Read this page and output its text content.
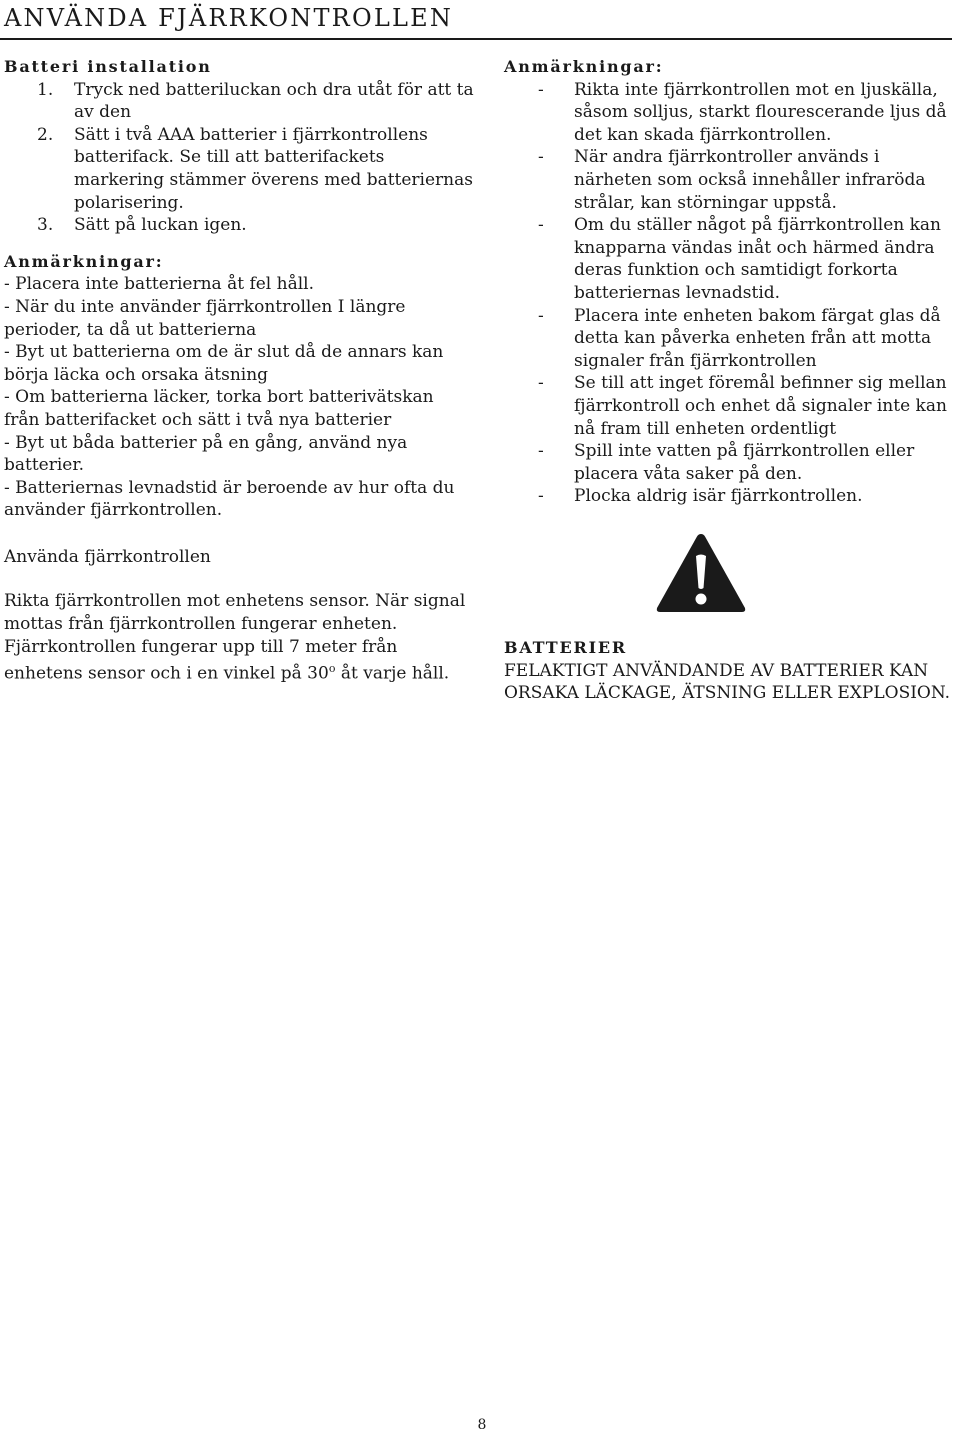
ANVÄNDA FJÄRRKONTROLLEN
Batteri installation
1. Tryck ned batteriluckan och dra utåt för att ta av den
2. Sätt i två AAA batterier i fjärrkontrollens batterifack. Se till att batterifackets markering stämmer överens med batteriernas polarisering.
3. Sätt på luckan igen.
Anmärkningar:

- Placera inte batterierna åt fel håll.

- När du inte använder fjärrkontrollen I längre perioder, ta då ut batterierna

- Byt ut batterierna om de är slut då de annars kan börja läcka och orsaka ätsning

- Om batterierna läcker, torka bort batterivätskan från batterifacket och sätt i två nya batterier

- Byt ut båda batterier på en gång, använd nya batterier.

- Batteriernas levnadstid är beroende av hur ofta du använder fjärrkontrollen.

Använda fjärrkontrollen

Rikta fjärrkontrollen mot enhetens sensor. När signal mottas från fjärrkontrollen fungerar enheten. Fjärrkontrollen fungerar upp till 7 meter från enhetens sensor och i en vinkel på 30$^o$ åt varje håll.

Anmärkningar:
- Rikta inte fjärrkontrollen mot en ljuskälla, såsom solljus, starkt flourescerande ljus då det kan skada fjärrkontrollen.
- När andra fjärrkontroller används i närheten som också innehåller infraröda strålar, kan störningar uppstå.
- Om du ställer något på fjärrkontrollen kan knapparna vändas inåt och härmed ändra deras funktion och samtidigt forkorta batteriernas levnadstid.
- Placera inte enheten bakom färgat glas då detta kan påverka enheten från att motta signaler från fjärrkontrollen
- Se till att inget föremål befinner sig mellan fjärrkontroll och enhet då signaler inte kan nå fram till enheten ordentligt
- Spill inte vatten på fjärrkontrollen eller placera våta saker på den.
- Plocka aldrig isär fjärrkontrollen.
BATTERIER

FELAKTIGT ANVÄNDANDE AV BATTERIER KAN ORSAKA LÄCKAGE, ÄTSNING ELLER EXPLOSION.

8
